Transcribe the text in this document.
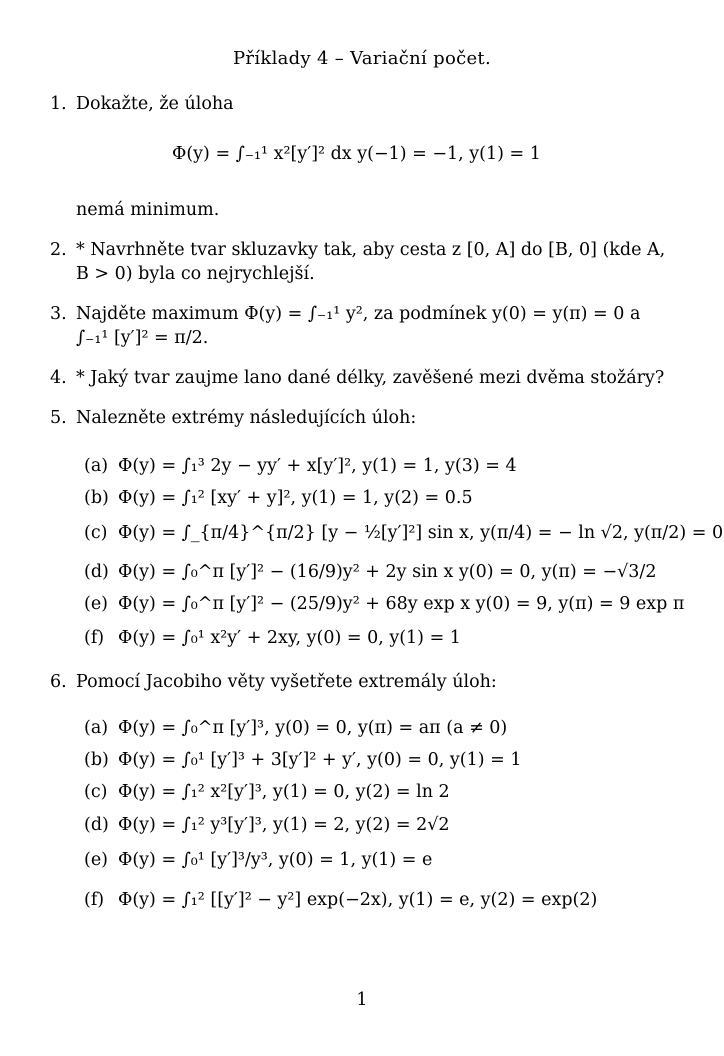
Příklady 4 – Variační počet.
1. Dokažte, že úloha
Φ(y) = ∫₋₁¹ x²[y′]² dx y(−1) = −1, y(1) = 1
nemá minimum.
2. * Navrhněte tvar skluzavky tak, aby cesta z [0, A] do [B, 0] (kde A,
B > 0) byla co nejrychlejší.
3. Najděte maximum Φ(y) = ∫₋₁¹ y², za podmínek y(0) = y(π) = 0 a
∫₋₁¹ [y′]² = π/2.
4. * Jaký tvar zaujme lano dané délky, zavěšené mezi dvěma stožáry?
5. Nalezněte extrémy následujících úloh:
(a) Φ(y) = ∫₁³ 2y − yy′ + x[y′]², y(1) = 1, y(3) = 4
(b) Φ(y) = ∫₁² [xy′ + y]², y(1) = 1, y(2) = 0.5
(c) Φ(y) = ∫_{π/4}^{π/2} [y − ½[y′]²] sin x, y(π/4) = − ln √2, y(π/2) = 0
(d) Φ(y) = ∫₀^π [y′]² − (16/9)y² + 2y sin x y(0) = 0, y(π) = −√3/2
(e) Φ(y) = ∫₀^π [y′]² − (25/9)y² + 68y exp x y(0) = 9, y(π) = 9 exp π
(f) Φ(y) = ∫₀¹ x²y′ + 2xy, y(0) = 0, y(1) = 1
6. Pomocí Jacobiho věty vyšetřete extremály úloh:
(a) Φ(y) = ∫₀^π [y′]³, y(0) = 0, y(π) = aπ (a ≠ 0)
(b) Φ(y) = ∫₀¹ [y′]³ + 3[y′]² + y′, y(0) = 0, y(1) = 1
(c) Φ(y) = ∫₁² x²[y′]³, y(1) = 0, y(2) = ln 2
(d) Φ(y) = ∫₁² y³[y′]³, y(1) = 2, y(2) = 2√2
(e) Φ(y) = ∫₀¹ [y′]³/y³, y(0) = 1, y(1) = e
(f) Φ(y) = ∫₁² [[y′]² − y²] exp(−2x), y(1) = e, y(2) = exp(2)
1
